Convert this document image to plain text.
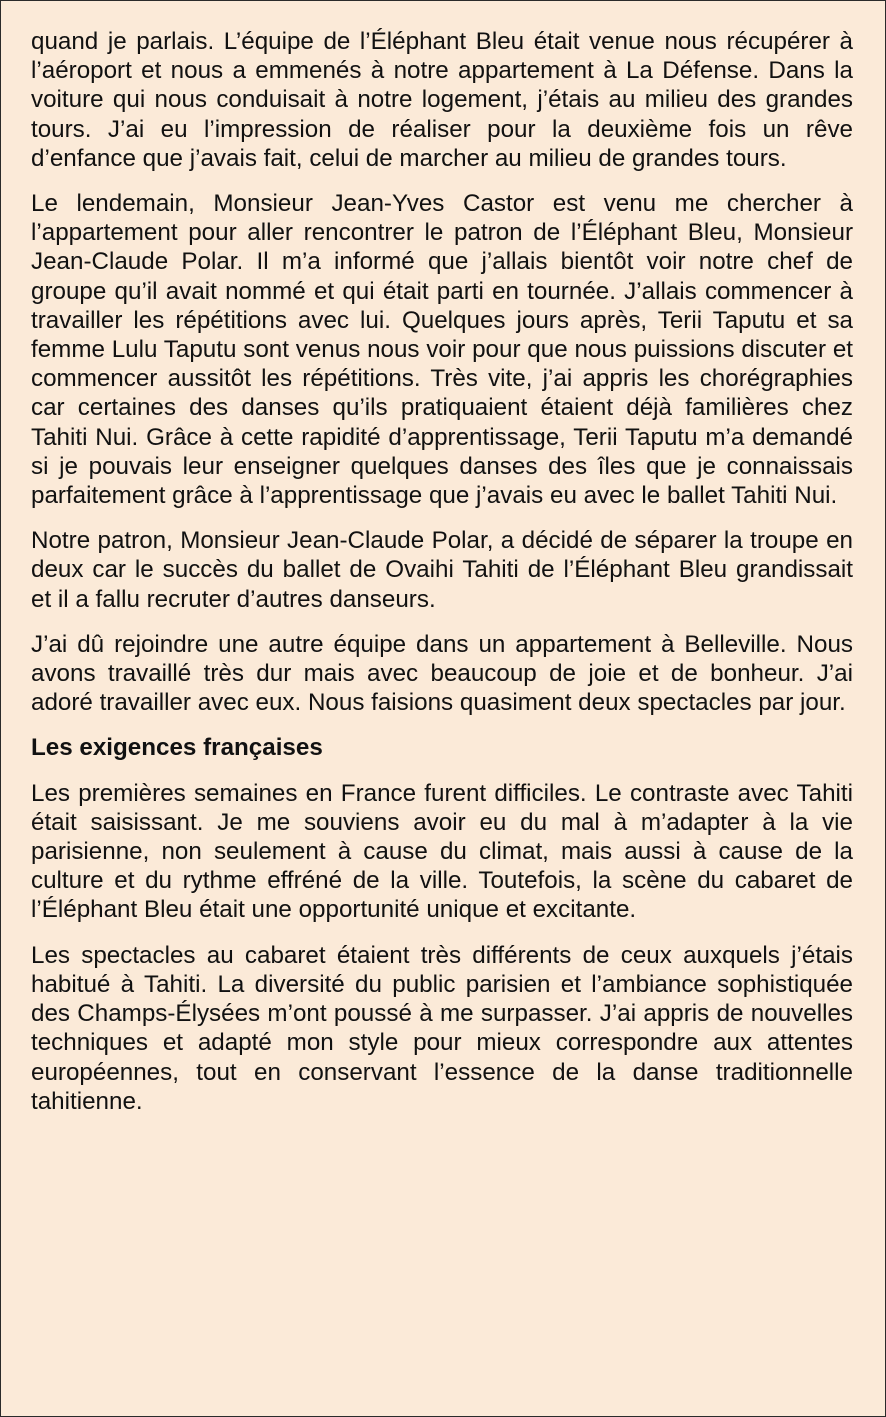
quand je parlais. L’équipe de l’Éléphant Bleu était venue nous récupérer à l’aéroport et nous a emmenés à notre appartement à La Défense. Dans la voiture qui nous conduisait à notre logement, j’étais au milieu des grandes tours. J’ai eu l’impression de réaliser pour la deuxième fois un rêve d’enfance que j’avais fait, celui de marcher au milieu de grandes tours.

Le lendemain, Monsieur Jean-Yves Castor est venu me chercher à l’appartement pour aller rencontrer le patron de l’Éléphant Bleu, Monsieur Jean-Claude Polar. Il m’a informé que j’allais bientôt voir notre chef de groupe qu’il avait nommé et qui était parti en tournée. J’allais commencer à travailler les répétitions avec lui. Quelques jours après, Terii Taputu et sa femme Lulu Taputu sont venus nous voir pour que nous puissions discuter et commencer aussitôt les répétitions. Très vite, j’ai appris les chorégraphies car certaines des danses qu’ils pratiquaient étaient déjà familières chez Tahiti Nui. Grâce à cette rapidité d’apprentissage, Terii Taputu m’a demandé si je pouvais leur enseigner quelques danses des îles que je connaissais parfaitement grâce à l’apprentissage que j’avais eu avec le ballet Tahiti Nui.

Notre patron, Monsieur Jean-Claude Polar, a décidé de séparer la troupe en deux car le succès du ballet de Ovaihi Tahiti de l’Éléphant Bleu grandissait et il a fallu recruter d’autres danseurs.

J’ai dû rejoindre une autre équipe dans un appartement à Belleville. Nous avons travaillé très dur mais avec beaucoup de joie et de bonheur. J’ai adoré travailler avec eux. Nous faisions quasiment deux spectacles par jour.

Les exigences françaises

Les premières semaines en France furent difficiles. Le contraste avec Tahiti était saisissant. Je me souviens avoir eu du mal à m’adapter à la vie parisienne, non seulement à cause du climat, mais aussi à cause de la culture et du rythme effréné de la ville. Toutefois, la scène du cabaret de l’Éléphant Bleu était une opportunité unique et excitante.

Les spectacles au cabaret étaient très différents de ceux auxquels j’étais habitué à Tahiti. La diversité du public parisien et l’ambiance sophistiquée des Champs-Élysées m’ont poussé à me surpasser. J’ai appris de nouvelles techniques et adapté mon style pour mieux correspondre aux attentes européennes, tout en conservant l’essence de la danse traditionnelle tahitienne.
